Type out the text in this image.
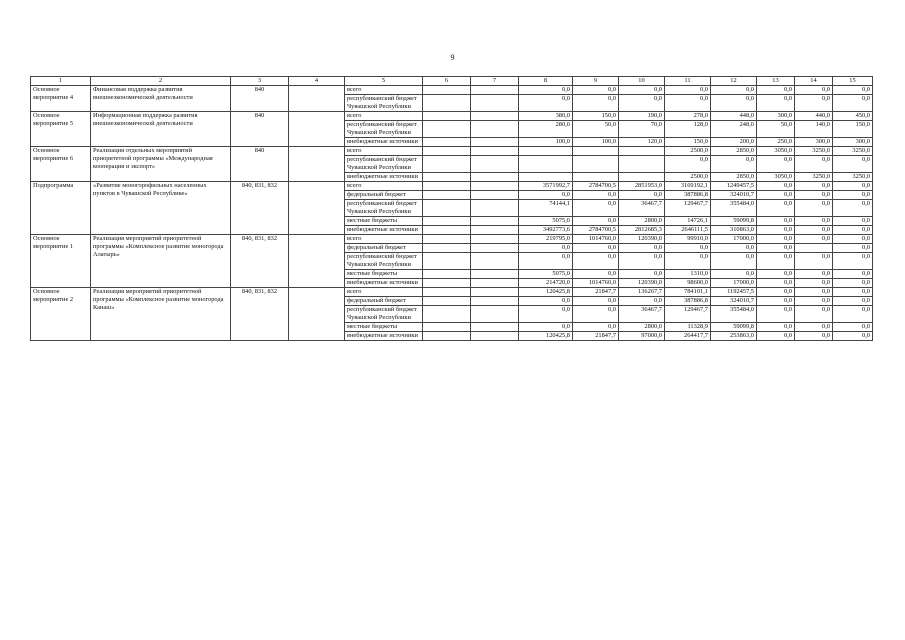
9
1	2	3	4	5	6	7	8	9	10	11	12	13	14	15
Основное мероприятие 4	Финансовая поддержка развития внешнеэкономической деятельности	840		всего			0,0	0,0	0,0	0,0	0,0	0,0	0,0	0,0
				республиканский бюджет Чувашской Республики			0,0	0,0	0,0	0,0	0,0	0,0	0,0	0,0
Основное мероприятие 5	Информационная поддержка развития внешнеэкономической деятельности	840		всего			380,0	150,0	190,0	278,0	448,0	300,0	440,0	450,0
				республиканский бюджет Чувашской Республики			280,0	50,0	70,0	128,0	248,0	50,0	140,0	150,0
				внебюджетные источники			100,0	100,0	120,0	150,0	200,0	250,0	300,0	300,0
Основное мероприятие 6	Реализация отдельных мероприятий приоритетной программы «Международная кооперация и экспорт»	840		всего						2500,0	2850,0	3050,0	3250,0	3250,0
				республиканский бюджет Чувашской Республики						0,0	0,0	0,0	0,0	0,0
				внебюджетные источники						2500,0	2850,0	3050,0	3250,0	3250,0
Подпрограмма	«Развитие моногорофильных населенных пунктов в Чувашской Республике»	840, 831, 832		всего			3571992,7	2784700,5	2851953,0	3169192,1	1249457,5	0,0	0,0	0,0
				федеральный бюджет			0,0	0,0	0,0	387886,8	324010,7	0,0	0,0	0,0
				республиканский бюджет Чувашской Республики			74144,1	0,0	36467,7	129467,7	355484,0	0,0	0,0	0,0
				местные бюджеты			5075,0	0,0	2800,0	14726,1	59099,8	0,0	0,0	0,0
				внебюджетные источники			3492773,6	2784700,5	2812685,3	2646111,5	310863,0	0,0	0,0	0,0
Основное мероприятие 1	Реализация мероприятий приоритетной программы «Комплексное развитие моногорода Алатырь»	840, 831, 832		всего			219795,0	1014760,0	120390,0	99910,0	17000,0	0,0	0,0	0,0
				федеральный бюджет			0,0	0,0	0,0	0,0	0,0	0,0		0,0
				республиканский бюджет Чувашской Республики			0,0	0,0	0,0	0,0	0,0	0,0	0,0	0,0
				местные бюджеты			5075,0	0,0	0,0	1310,0	0,0	0,0	0,0	0,0
				внебюджетные источники			214720,0	1014760,0	120390,0	98600,0	17000,0	0,0	0,0	0,0
Основное мероприятие 2	Реализация мероприятий приоритетной программы «Комплексное развитие моногорода Канаш»	840, 831, 832		всего			120425,8	21847,7	136267,7	784101,1	1192457,5	0,0	0,0	0,0
				федеральный бюджет			0,0	0,0	0,0	387886,8	324010,7	0,0	0,0	0,0
				республиканский бюджет Чувашской Республики			0,0	0,0	36467,7	129467,7	355484,0	0,0	0,0	0,0
				местные бюджеты			0,0	0,0	2800,0	11328,9	59099,8	0,0	0,0	0,0
				внебюджетные источники			120425,8	21847,7	97000,0	264417,7	253863,0	0,0	0,0	0,0
